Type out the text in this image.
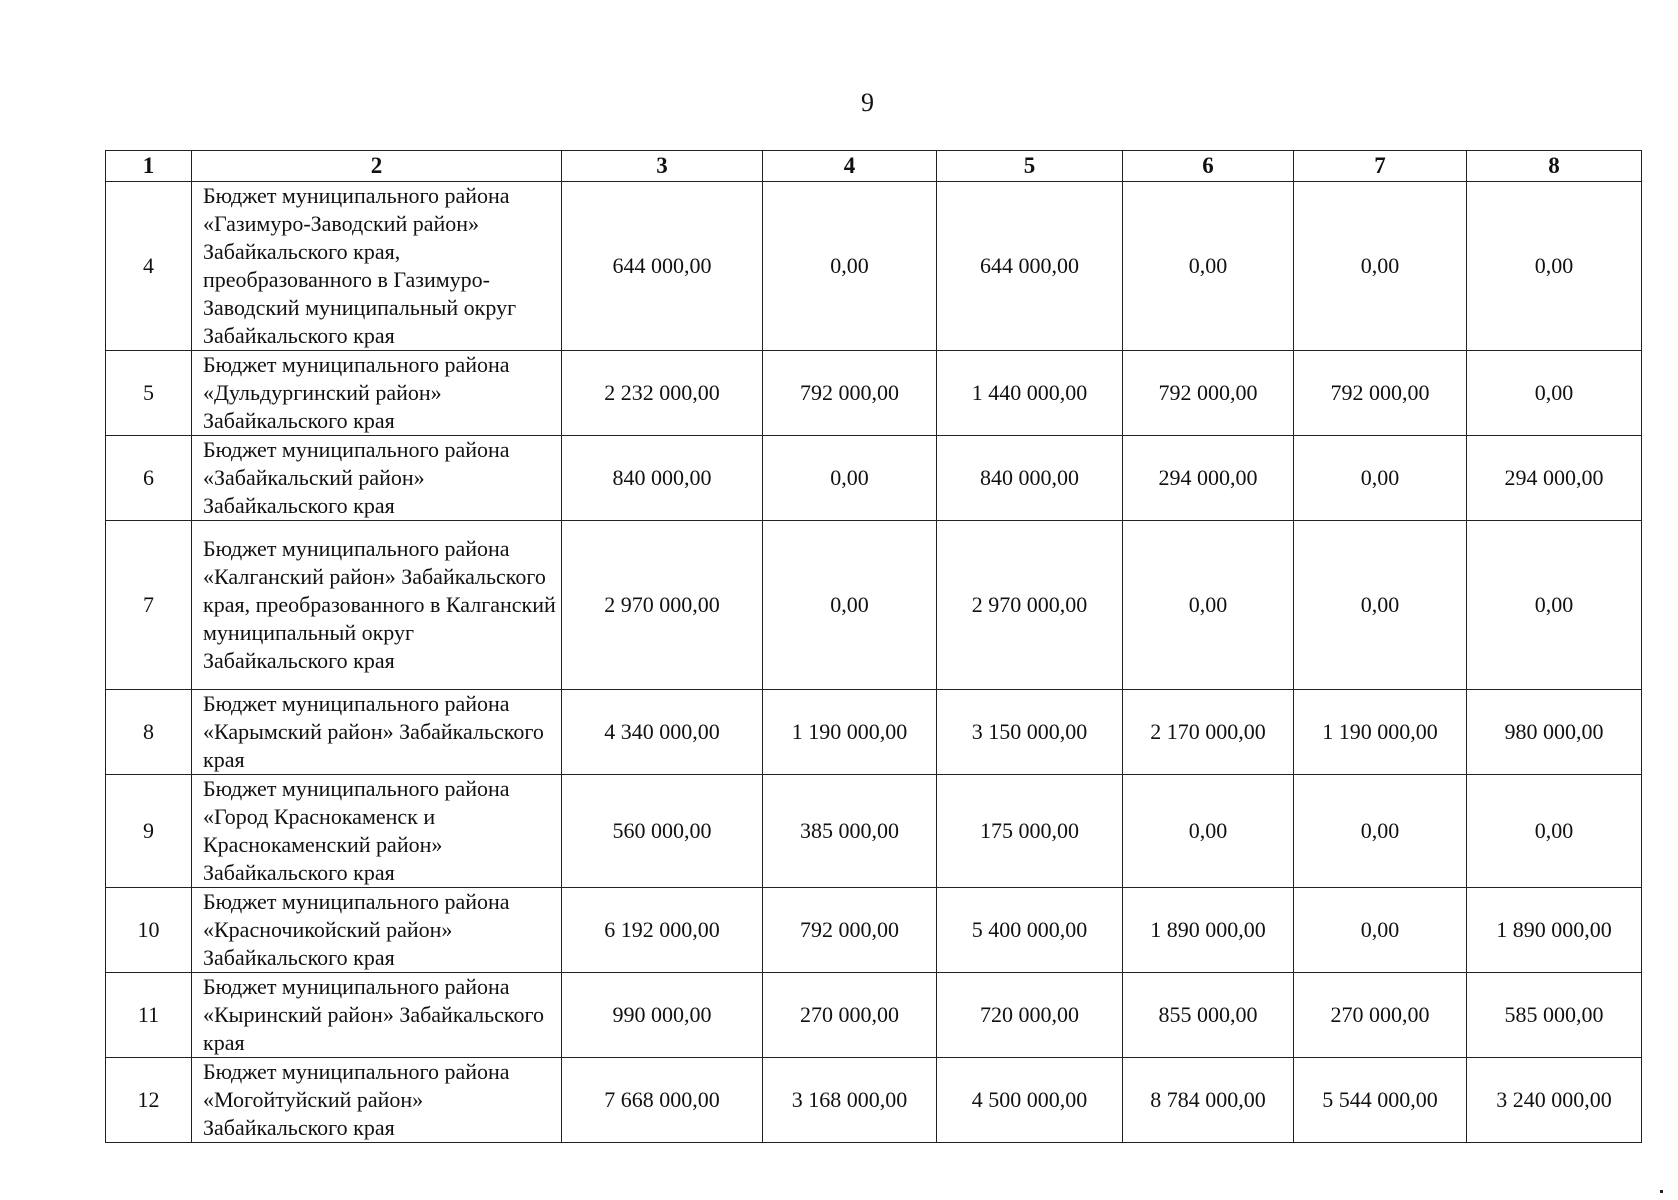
9
1	2	3	4	5	6	7	8
4	Бюджет муниципального района «Газимуро-Заводский район» Забайкальского края, преобразованного в Газимуро-Заводский муниципальный округ Забайкальского края	644 000,00	0,00	644 000,00	0,00	0,00	0,00
5	Бюджет муниципального района «Дульдургинский район» Забайкальского края	2 232 000,00	792 000,00	1 440 000,00	792 000,00	792 000,00	0,00
6	Бюджет муниципального района «Забайкальский район» Забайкальского края	840 000,00	0,00	840 000,00	294 000,00	0,00	294 000,00
7	Бюджет муниципального района «Калганский район» Забайкальского края, преобразованного в Калганский муниципальный округ Забайкальского края	2 970 000,00	0,00	2 970 000,00	0,00	0,00	0,00
8	Бюджет муниципального района «Карымский район» Забайкальского края	4 340 000,00	1 190 000,00	3 150 000,00	2 170 000,00	1 190 000,00	980 000,00
9	Бюджет муниципального района «Город Краснокаменск и Краснокаменский район» Забайкальского края	560 000,00	385 000,00	175 000,00	0,00	0,00	0,00
10	Бюджет муниципального района «Красночикойский район» Забайкальского края	6 192 000,00	792 000,00	5 400 000,00	1 890 000,00	0,00	1 890 000,00
11	Бюджет муниципального района «Кыринский район» Забайкальского края	990 000,00	270 000,00	720 000,00	855 000,00	270 000,00	585 000,00
12	Бюджет муниципального района «Могойтуйский район» Забайкальского края	7 668 000,00	3 168 000,00	4 500 000,00	8 784 000,00	5 544 000,00	3 240 000,00
